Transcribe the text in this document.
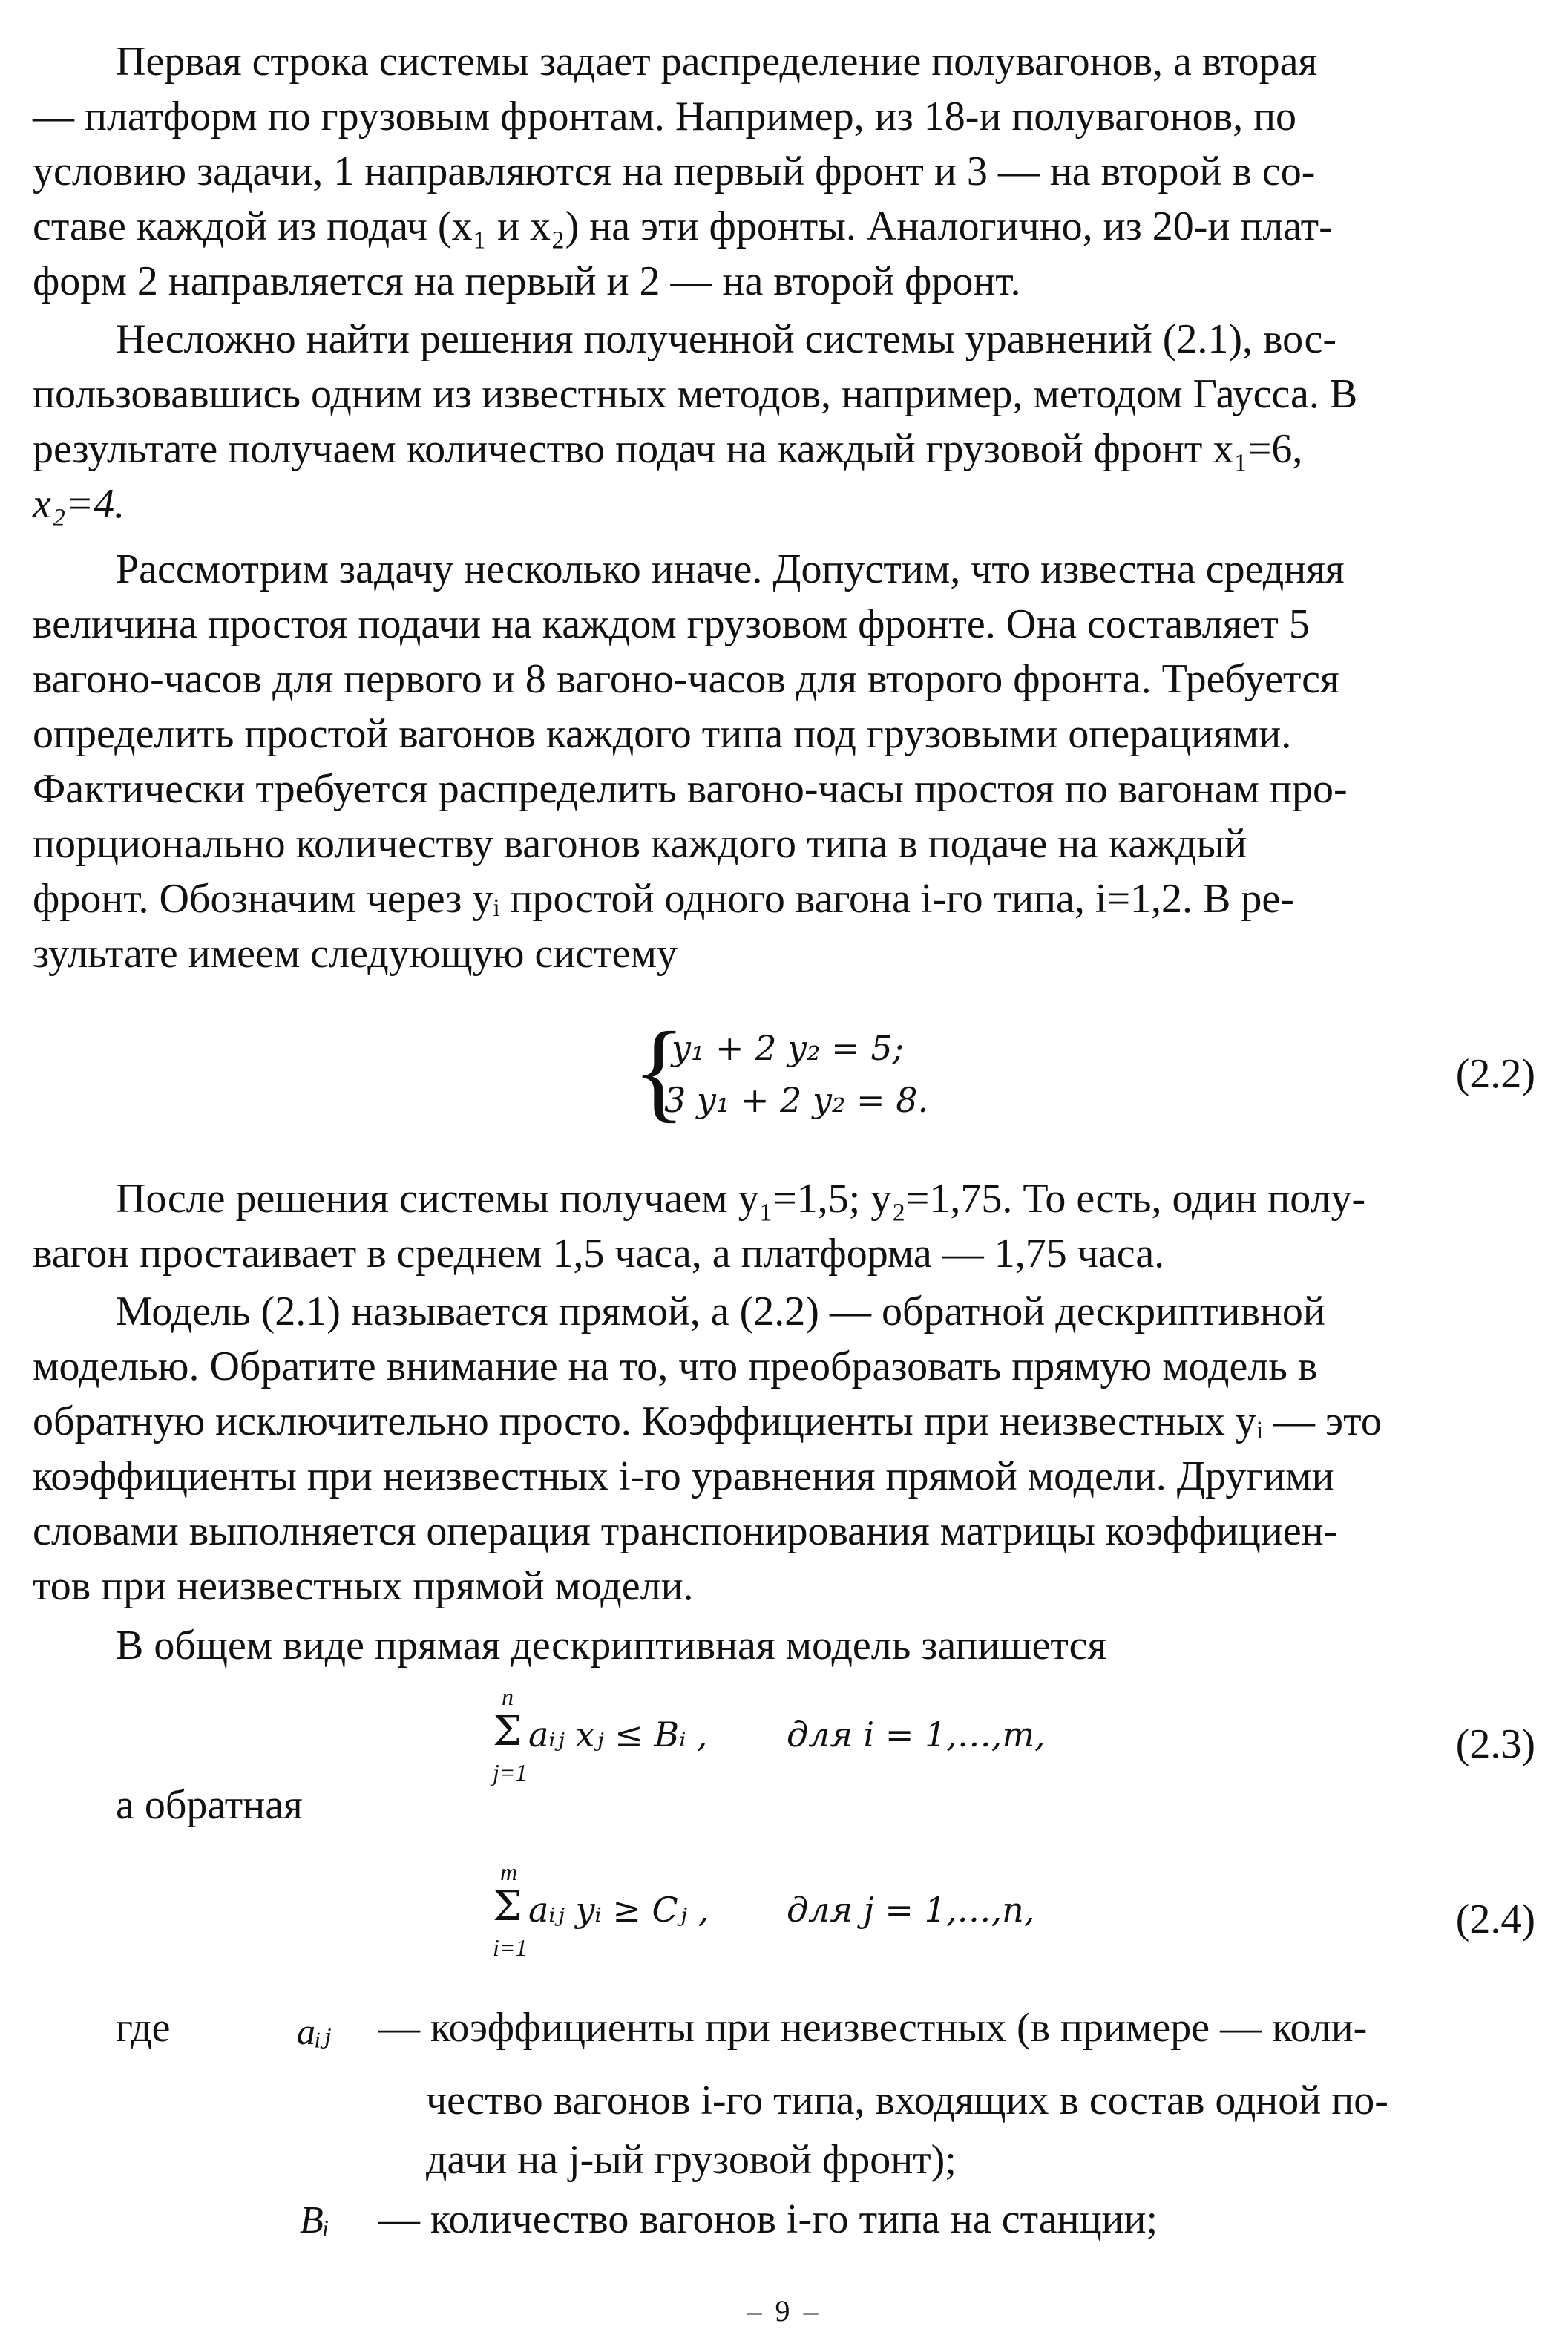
Первая строка системы задает распределение полувагонов, а вторая
— платформ по грузовым фронтам. Например, из 18-и полувагонов, по
условию задачи, 1 направляются на первый фронт и 3 — на второй в со-
ставе каждой из подач (x₁ и x₂) на эти фронты. Аналогично, из 20-и плат-
форм 2 направляется на первый и 2 — на второй фронт.
Несложно найти решения полученной системы уравнений (2.1), вос-
пользовавшись одним из известных методов, например, методом Гаусса. В
результате получаем количество подач на каждый грузовой фронт x₁=6,
x₂=4.
Рассмотрим задачу несколько иначе. Допустим, что известна средняя
величина простоя подачи на каждом грузовом фронте. Она составляет 5
вагоно-часов для первого и 8 вагоно-часов для второго фронта. Требуется
определить простой вагонов каждого типа под грузовыми операциями.
Фактически требуется распределить вагоно-часы простоя по вагонам про-
порционально количеству вагонов каждого типа в подаче на каждый
фронт. Обозначим через yᵢ простой одного вагона i-го типа, i=1,2. В ре-
зультате имеем следующую систему
{
y₁ + 2 y₂ = 5;
3 y₁ + 2 y₂ = 8.
(2.2)
После решения системы получаем y₁=1,5; y₂=1,75. То есть, один полу-
вагон простаивает в среднем 1,5 часа, а платформа — 1,75 часа.
Модель (2.1) называется прямой, а (2.2) — обратной дескриптивной
моделью. Обратите внимание на то, что преобразовать прямую модель в
обратную исключительно просто. Коэффициенты при неизвестных yᵢ — это
коэффициенты при неизвестных i-го уравнения прямой модели. Другими
словами выполняется операция транспонирования матрицы коэффициен-
тов при неизвестных прямой модели.
В общем виде прямая дескриптивная модель запишется
n
Σ
j=1
aᵢⱼ xⱼ ≤ Bᵢ , для i = 1,…,m,	(2.3)
а обратная
m
Σ
i=1
aᵢⱼ yᵢ ≥ Cⱼ , для j = 1,…,n,	(2.4)
где	aᵢⱼ — коэффициенты при неизвестных (в примере — коли-
чество вагонов i-го типа, входящих в состав одной по-
дачи на j-ый грузовой фронт);
Bᵢ — количество вагонов i-го типа на станции;
– 9 –
